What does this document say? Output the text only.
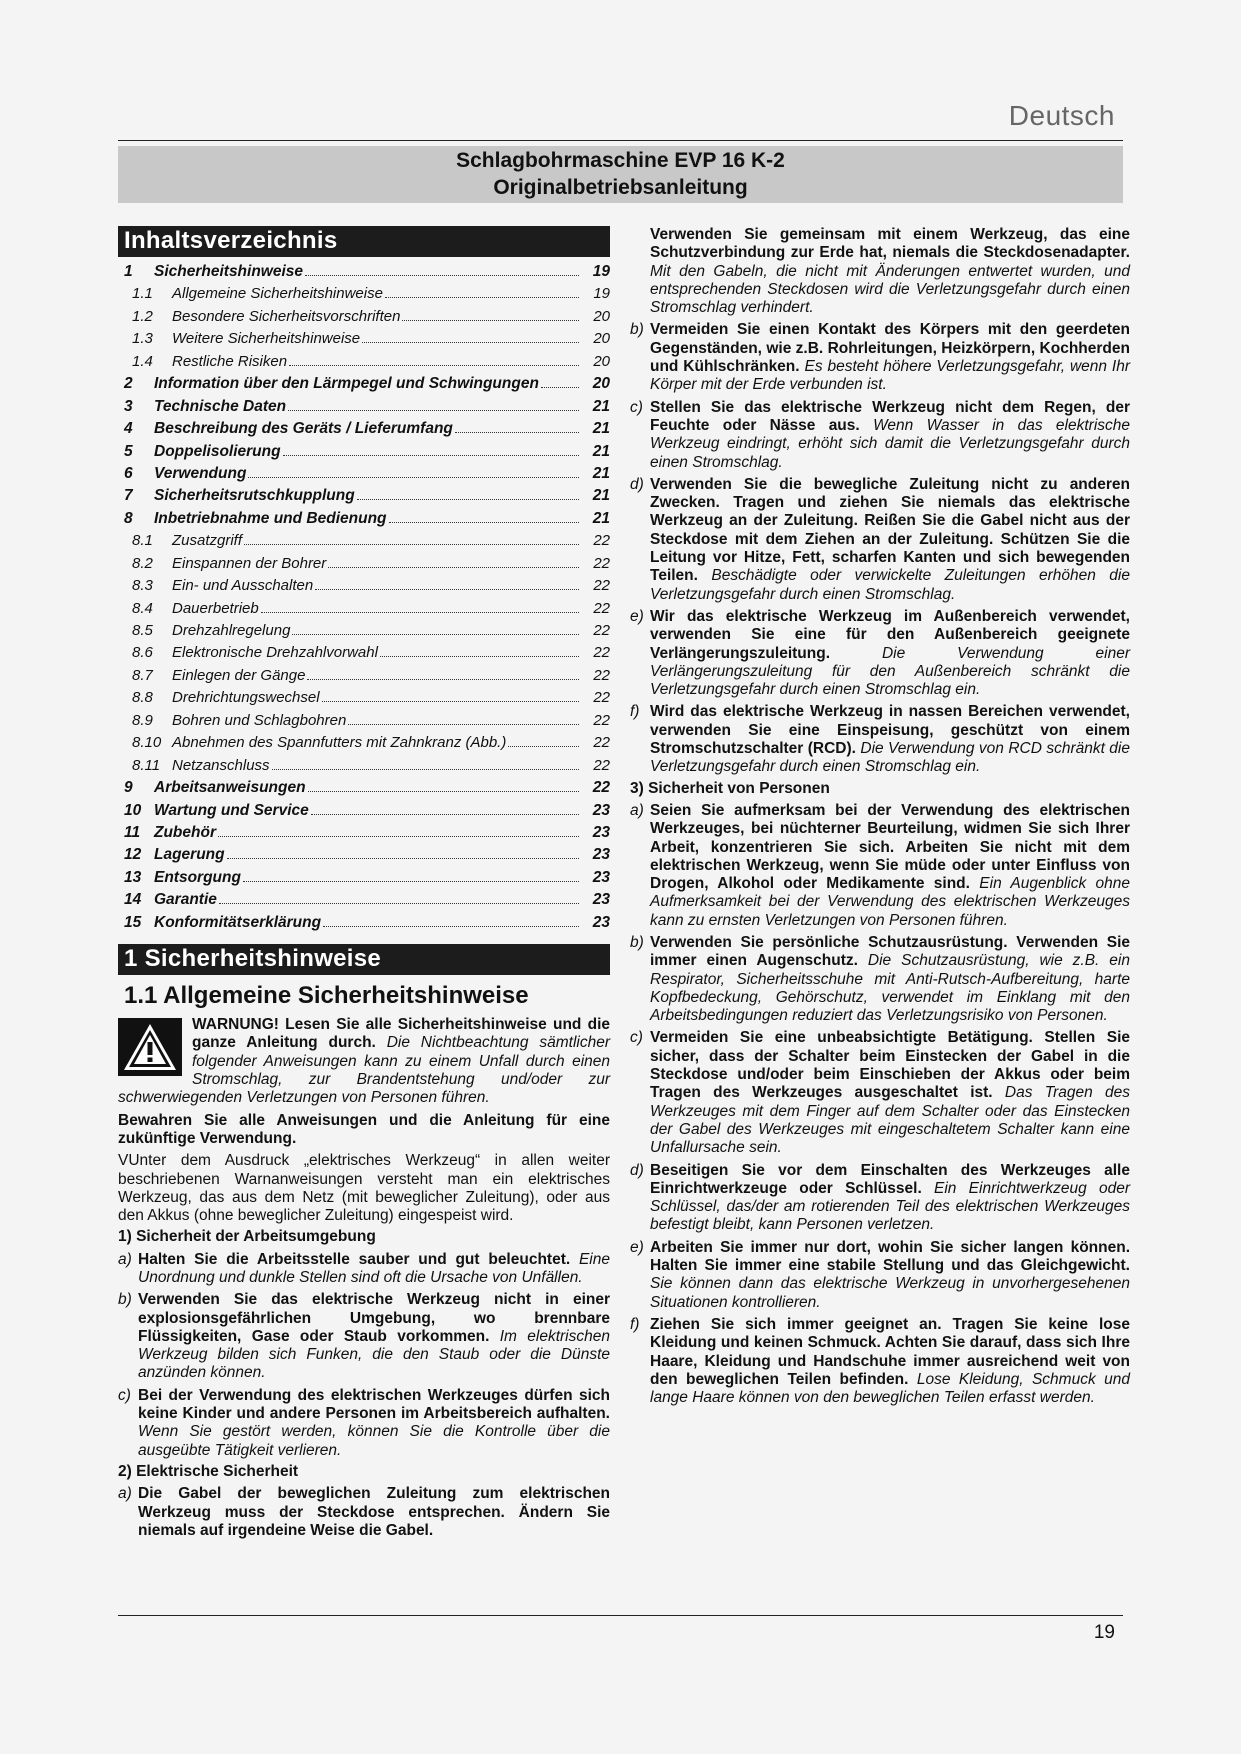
Deutsch
Schlagbohrmaschine EVP 16 K-2
Originalbetriebsanleitung
Inhaltsverzeichnis
1	Sicherheitshinweise	19
1.1	Allgemeine Sicherheitshinweise	19
1.2	Besondere Sicherheitsvorschriften	20
1.3	Weitere Sicherheitshinweise	20
1.4	Restliche Risiken	20
2	Information über den Lärmpegel und Schwingungen	20
3	Technische Daten	21
4	Beschreibung des Geräts / Lieferumfang	21
5	Doppelisolierung	21
6	Verwendung	21
7	Sicherheitsrutschkupplung	21
8	Inbetriebnahme und Bedienung	21
8.1	Zusatzgriff	22
8.2	Einspannen der Bohrer	22
8.3	Ein- und Ausschalten	22
8.4	Dauerbetrieb	22
8.5	Drehzahlregelung	22
8.6	Elektronische Drehzahlvorwahl	22
8.7	Einlegen der Gänge	22
8.8	Drehrichtungswechsel	22
8.9	Bohren und Schlagbohren	22
8.10 Abnehmen des Spannfutters mit Zahnkranz (Abb.)	22
8.11 Netzanschluss	22
9	Arbeitsanweisungen	22
10 Wartung und Service	23
11 Zubehör	23
12 Lagerung	23
13 Entsorgung	23
14 Garantie	23
15 Konformitätserklärung	23
1 Sicherheitshinweise
1.1 Allgemeine Sicherheitshinweise

WARNUNG! Lesen Sie alle Sicherheitshinweise und die ganze Anleitung durch. Die Nichtbeachtung sämtlicher folgender Anweisungen kann zu einem Unfall durch einen Stromschlag, zur Brandentstehung und/oder zur schwerwiegenden Verletzungen von Personen führen.

Bewahren Sie alle Anweisungen und die Anleitung für eine zukünftige Verwendung.

VUnter dem Ausdruck „elektrisches Werkzeug“ in allen weiter beschriebenen Warnanweisungen versteht man ein elektrisches Werkzeug, das aus dem Netz (mit beweglicher Zuleitung), oder aus den Akkus (ohne beweglicher Zuleitung) eingespeist wird.

1) Sicherheit der Arbeitsumgebung
a) Halten Sie die Arbeitsstelle sauber und gut beleuchtet. Eine Unordnung und dunkle Stellen sind oft die Ursache von Unfällen.
b) Verwenden Sie das elektrische Werkzeug nicht in einer explosionsgefährlichen Umgebung, wo brennbare Flüssigkeiten, Gase oder Staub vorkommen. Im elektrischen Werkzeug bilden sich Funken, die den Staub oder die Dünste anzünden können.
c) Bei der Verwendung des elektrischen Werkzeuges dürfen sich keine Kinder und andere Personen im Arbeitsbereich aufhalten. Wenn Sie gestört werden, können Sie die Kontrolle über die ausgeübte Tätigkeit verlieren.
2) Elektrische Sicherheit
a) Die Gabel der beweglichen Zuleitung zum elektrischen Werkzeug muss der Steckdose entsprechen. Ändern Sie niemals auf irgendeine Weise die Gabel.

Verwenden Sie gemeinsam mit einem Werkzeug, das eine Schutzverbindung zur Erde hat, niemals die Steckdosenadapter. Mit den Gabeln, die nicht mit Änderungen entwertet wurden, und entsprechenden Steckdosen wird die Verletzungsgefahr durch einen Stromschlag verhindert.

b) Vermeiden Sie einen Kontakt des Körpers mit den geerdeten Gegenständen, wie z.B. Rohrleitungen, Heizkörpern, Kochherden und Kühlschränken. Es besteht höhere Verletzungsgefahr, wenn Ihr Körper mit der Erde verbunden ist.
c) Stellen Sie das elektrische Werkzeug nicht dem Regen, der Feuchte oder Nässe aus. Wenn Wasser in das elektrische Werkzeug eindringt, erhöht sich damit die Verletzungsgefahr durch einen Stromschlag.
d) Verwenden Sie die bewegliche Zuleitung nicht zu anderen Zwecken. Tragen und ziehen Sie niemals das elektrische Werkzeug an der Zuleitung. Reißen Sie die Gabel nicht aus der Steckdose mit dem Ziehen an der Zuleitung. Schützen Sie die Leitung vor Hitze, Fett, scharfen Kanten und sich bewegenden Teilen. Beschädigte oder verwickelte Zuleitungen erhöhen die Verletzungsgefahr durch einen Stromschlag.
e) Wir das elektrische Werkzeug im Außenbereich verwendet, verwenden Sie eine für den Außenbereich geeignete Verlängerungszuleitung.	Die Verwendung einer Verlängerungszuleitung für den Außenbereich schränkt die Verletzungsgefahr durch einen Stromschlag ein.
f) Wird das elektrische Werkzeug in nassen Bereichen verwendet, verwenden Sie eine Einspeisung, geschützt von einem Stromschutzschalter (RCD). Die Verwendung von RCD schränkt die Verletzungsgefahr durch einen Stromschlag ein.
3) Sicherheit von Personen
a) Seien Sie aufmerksam bei der Verwendung des elektrischen Werkzeuges, bei nüchterner Beurteilung, widmen Sie sich Ihrer Arbeit, konzentrieren Sie sich. Arbeiten Sie nicht mit dem elektrischen Werkzeug, wenn Sie müde oder unter Einfluss von Drogen, Alkohol oder Medikamente sind. Ein Augenblick ohne Aufmerksamkeit bei der Verwendung des elektrischen Werkzeuges kann zu ernsten Verletzungen von Personen führen.
b) Verwenden Sie persönliche Schutzausrüstung. Verwenden Sie immer einen Augenschutz. Die Schutzausrüstung, wie z.B. ein Respirator, Sicherheitsschuhe mit Anti-Rutsch-Aufbereitung, harte Kopfbedeckung, Gehörschutz, verwendet im Einklang mit den Arbeitsbedingungen reduziert das Verletzungsrisiko von Personen.
c) Vermeiden Sie eine unbeabsichtigte Betätigung. Stellen Sie sicher, dass der Schalter beim Einstecken der Gabel in die Steckdose und/oder beim Einschieben der Akkus oder beim Tragen des Werkzeuges ausgeschaltet ist. Das Tragen des Werkzeuges mit dem Finger auf dem Schalter oder das Einstecken der Gabel des Werkzeuges mit eingeschaltetem Schalter kann eine Unfallursache sein.
d) Beseitigen Sie vor dem Einschalten des Werkzeuges alle Einrichtwerkzeuge oder Schlüssel. Ein Einrichtwerkzeug oder Schlüssel, das/der am rotierenden Teil des elektrischen Werkzeuges befestigt bleibt, kann Personen verletzen.
e) Arbeiten Sie immer nur dort, wohin Sie sicher langen können. Halten Sie immer eine stabile Stellung und das Gleichgewicht. Sie können dann das elektrische Werkzeug in unvorhergesehenen Situationen kontrollieren.
f) Ziehen Sie sich immer geeignet an. Tragen Sie keine lose Kleidung und keinen Schmuck. Achten Sie darauf, dass sich Ihre Haare, Kleidung und Handschuhe immer ausreichend weit von den beweglichen Teilen befinden. Lose Kleidung, Schmuck und lange Haare können von den beweglichen Teilen erfasst werden.
19
